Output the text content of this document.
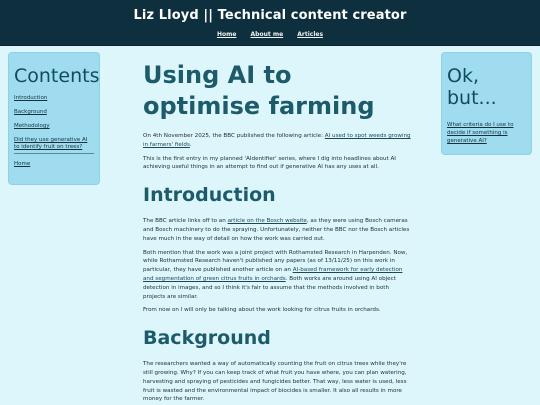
Liz Lloyd || Technical content creator
Home About me Articles
Contents
Introduction
Background
Methodology
Did they use generative AI to identify fruit on trees?
Home
Ok, but...
What criteria do I use to decide if something is generative AI?
Using AI to optimise farming

On 4th November 2025, the BBC published the following article: AI used to spot weeds growing in farmers' fields.

This is the first entry in my planned 'AIdentifier' series, where I dig into headlines about AI achieving useful things in an attempt to find out if generative AI has any uses at all.

Introduction

The BBC article links off to an article on the Bosch website, as they were using Bosch cameras and Bosch machinery to do the spraying. Unfortunately, neither the BBC nor the Bosch articles have much in the way of detail on how the work was carried out.

Both mention that the work was a joint project with Rothamsted Research in Harpenden. Now, while Rothamsted Research haven't published any papers (as of 13/11/25) on this work in particular, they have published another article on an AI-based framework for early detection and segmentation of green citrus fruits in orchards. Both works are around using AI object detection in images, and so I think it's fair to assume that the methods involved in both projects are similar.

From now on I will only be talking about the work looking for citrus fruits in orchards.

Background

The researchers wanted a way of automatically counting the fruit on citrus trees while they're still growing. Why? If you can keep track of what fruit you have where, you can plan watering, harvesting and spraying of pesticides and fungicides better. That way, less water is used, less fruit is wasted and the environmental impact of biocides is smaller. It also all results in more money for the farmer.
